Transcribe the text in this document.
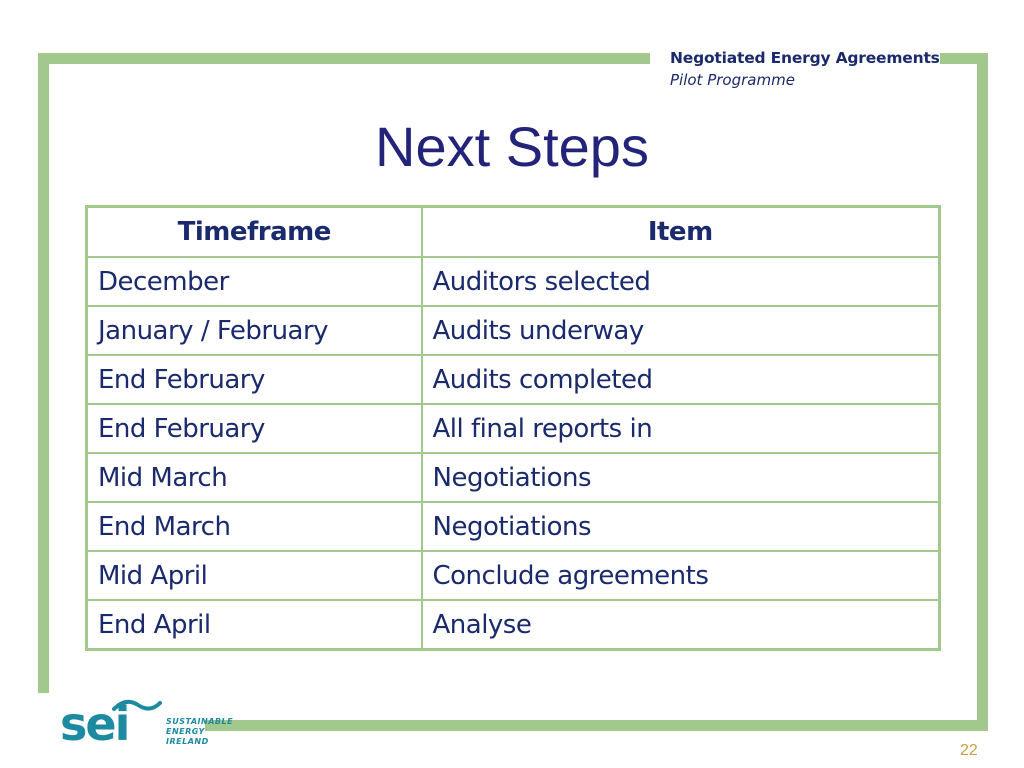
Negotiated Energy Agreements
Pilot Programme
Next Steps
Timeframe	Item
December	Auditors selected
January / February	Audits underway
End February	Audits completed
End February	All final reports in
Mid March	Negotiations
End March	Negotiations
Mid April	Conclude agreements
End April	Analyse
sei	SUSTAINABLE
ENERGY
IRELAND
22
